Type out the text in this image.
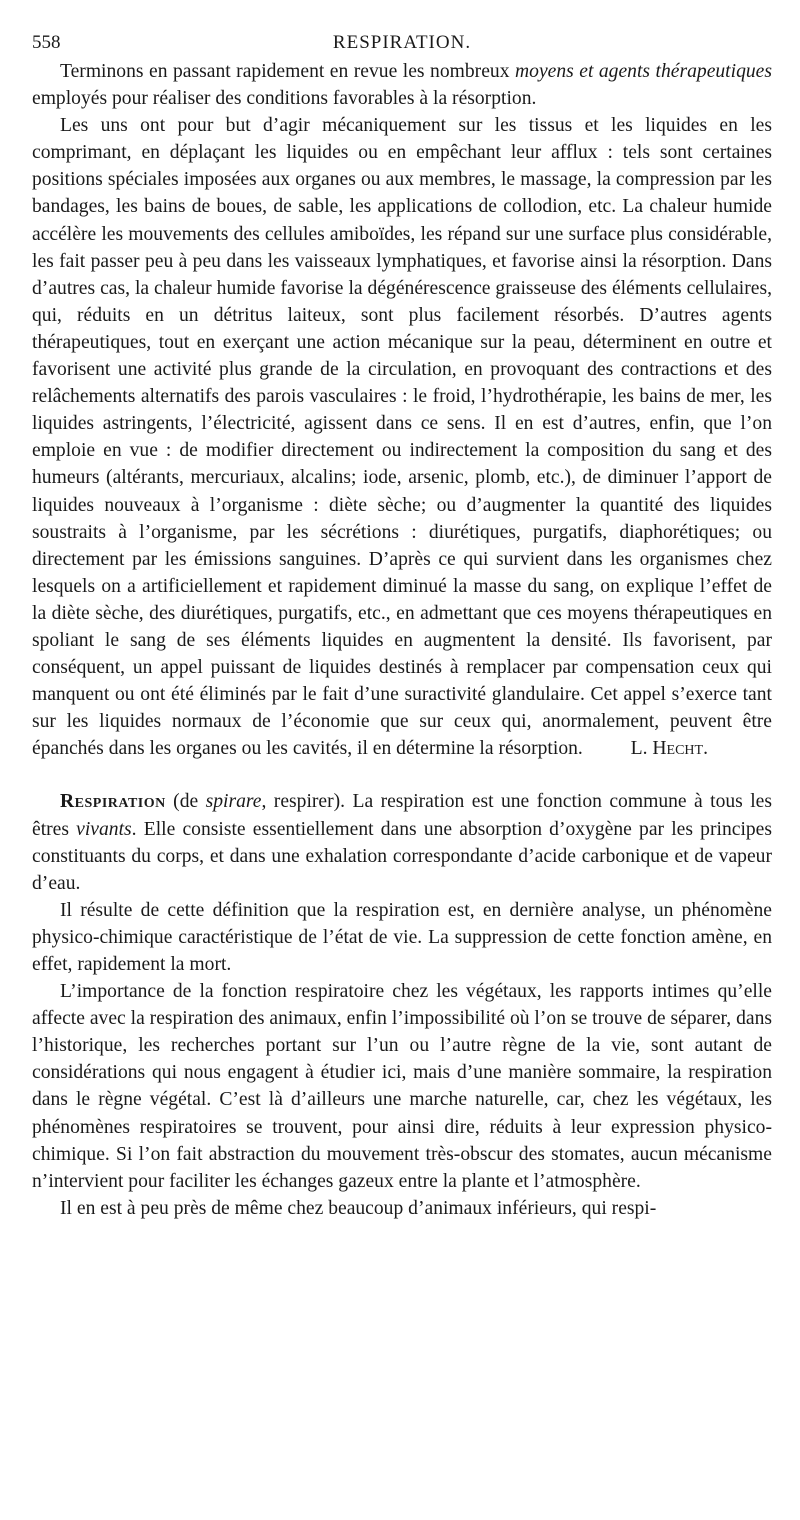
558	RESPIRATION.

Terminons en passant rapidement en revue les nombreux moyens et agents thérapeutiques employés pour réaliser des conditions favorables à la résorption.

Les uns ont pour but d’agir mécaniquement sur les tissus et les liquides en les comprimant, en déplaçant les liquides ou en empêchant leur afflux : tels sont certaines positions spéciales imposées aux organes ou aux membres, le massage, la compression par les bandages, les bains de boues, de sable, les applications de collodion, etc. La chaleur humide accélère les mouvements des cellules amiboïdes, les répand sur une surface plus considérable, les fait passer peu à peu dans les vaisseaux lymphatiques, et favorise ainsi la résorption. Dans d’autres cas, la chaleur humide favorise la dégénérescence graisseuse des éléments cellulaires, qui, réduits en un détritus laiteux, sont plus facilement résorbés. D’autres agents thérapeutiques, tout en exerçant une action mécanique sur la peau, déterminent en outre et favorisent une activité plus grande de la circulation, en provoquant des contractions et des relâchements alternatifs des parois vasculaires : le froid, l’hydrothérapie, les bains de mer, les liquides astringents, l’électricité, agissent dans ce sens. Il en est d’autres, enfin, que l’on emploie en vue : de modifier directement ou indirectement la composition du sang et des humeurs (altérants, mercuriaux, alcalins; iode, arsenic, plomb, etc.), de diminuer l’apport de liquides nouveaux à l’organisme : diète sèche; ou d’augmenter la quantité des liquides soustraits à l’organisme, par les sécrétions : diurétiques, purgatifs, diaphorétiques; ou directement par les émissions sanguines. D’après ce qui survient dans les organismes chez lesquels on a artificiellement et rapidement diminué la masse du sang, on explique l’effet de la diète sèche, des diurétiques, purgatifs, etc., en admettant que ces moyens thérapeutiques en spoliant le sang de ses éléments liquides en augmentent la densité. Ils favorisent, par conséquent, un appel puissant de liquides destinés à remplacer par compensation ceux qui manquent ou ont été éliminés par le fait d’une suractivité glandulaire. Cet appel s’exerce tant sur les liquides normaux de l’économie que sur ceux qui, anormalement, peuvent être épanchés dans les organes ou les cavités, il en détermine la résorption.	L. Hecht.

Respiration (de spirare, respirer). La respiration est une fonction commune à tous les êtres vivants. Elle consiste essentiellement dans une absorption d’oxygène par les principes constituants du corps, et dans une exhalation correspondante d’acide carbonique et de vapeur d’eau.

Il résulte de cette définition que la respiration est, en dernière analyse, un phénomène physico-chimique caractéristique de l’état de vie. La suppression de cette fonction amène, en effet, rapidement la mort.

L’importance de la fonction respiratoire chez les végétaux, les rapports intimes qu’elle affecte avec la respiration des animaux, enfin l’impossibilité où l’on se trouve de séparer, dans l’historique, les recherches portant sur l’un ou l’autre règne de la vie, sont autant de considérations qui nous engagent à étudier ici, mais d’une manière sommaire, la respiration dans le règne végétal. C’est là d’ailleurs une marche naturelle, car, chez les végétaux, les phénomènes respiratoires se trouvent, pour ainsi dire, réduits à leur expression physico-chimique. Si l’on fait abstraction du mouvement très-obscur des stomates, aucun mécanisme n’intervient pour faciliter les échanges gazeux entre la plante et l’atmosphère.

Il en est à peu près de même chez beaucoup d’animaux inférieurs, qui respi-
